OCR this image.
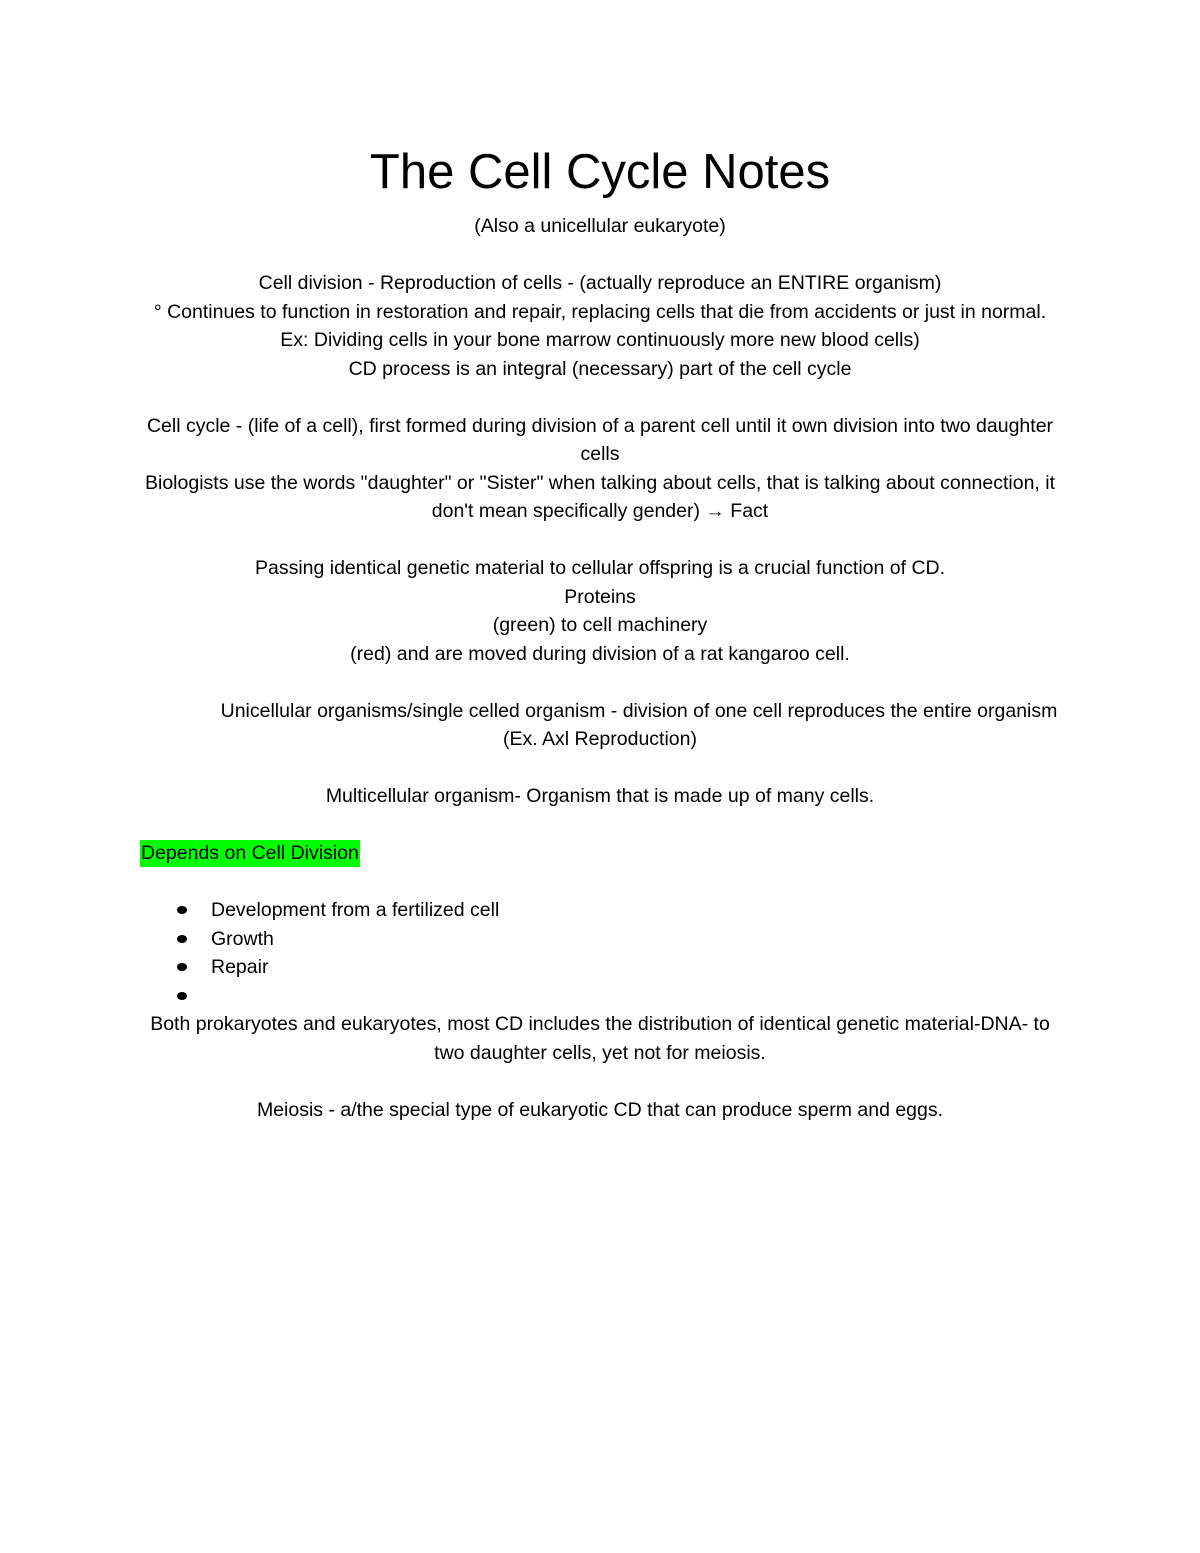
The Cell Cycle Notes

(Also a unicellular eukaryote)

Cell division - Reproduction of cells - (actually reproduce an ENTIRE organism)

° Continues to function in restoration and repair, replacing cells that die from accidents or just in normal.

Ex: Dividing cells in your bone marrow continuously more new blood cells)

CD process is an integral (necessary) part of the cell cycle

Cell cycle - (life of a cell), first formed during division of a parent cell until it own division into two daughter cells

Biologists use the words "daughter" or "Sister" when talking about cells, that is talking about connection, it don't mean specifically gender) → Fact

Passing identical genetic material to cellular offspring is a crucial function of CD.

Proteins

(green) to cell machinery

(red) and are moved during division of a rat kangaroo cell.

Unicellular organisms/single celled organism - division of one cell reproduces the entire organism (Ex. Axl Reproduction)

Multicellular organism- Organism that is made up of many cells.

Depends on Cell Division

Development from a fertilized cell
Growth
Repair

Both prokaryotes and eukaryotes, most CD includes the distribution of identical genetic material-DNA- to two daughter cells, yet not for meiosis.

Meiosis - a/the special type of eukaryotic CD that can produce sperm and eggs.
